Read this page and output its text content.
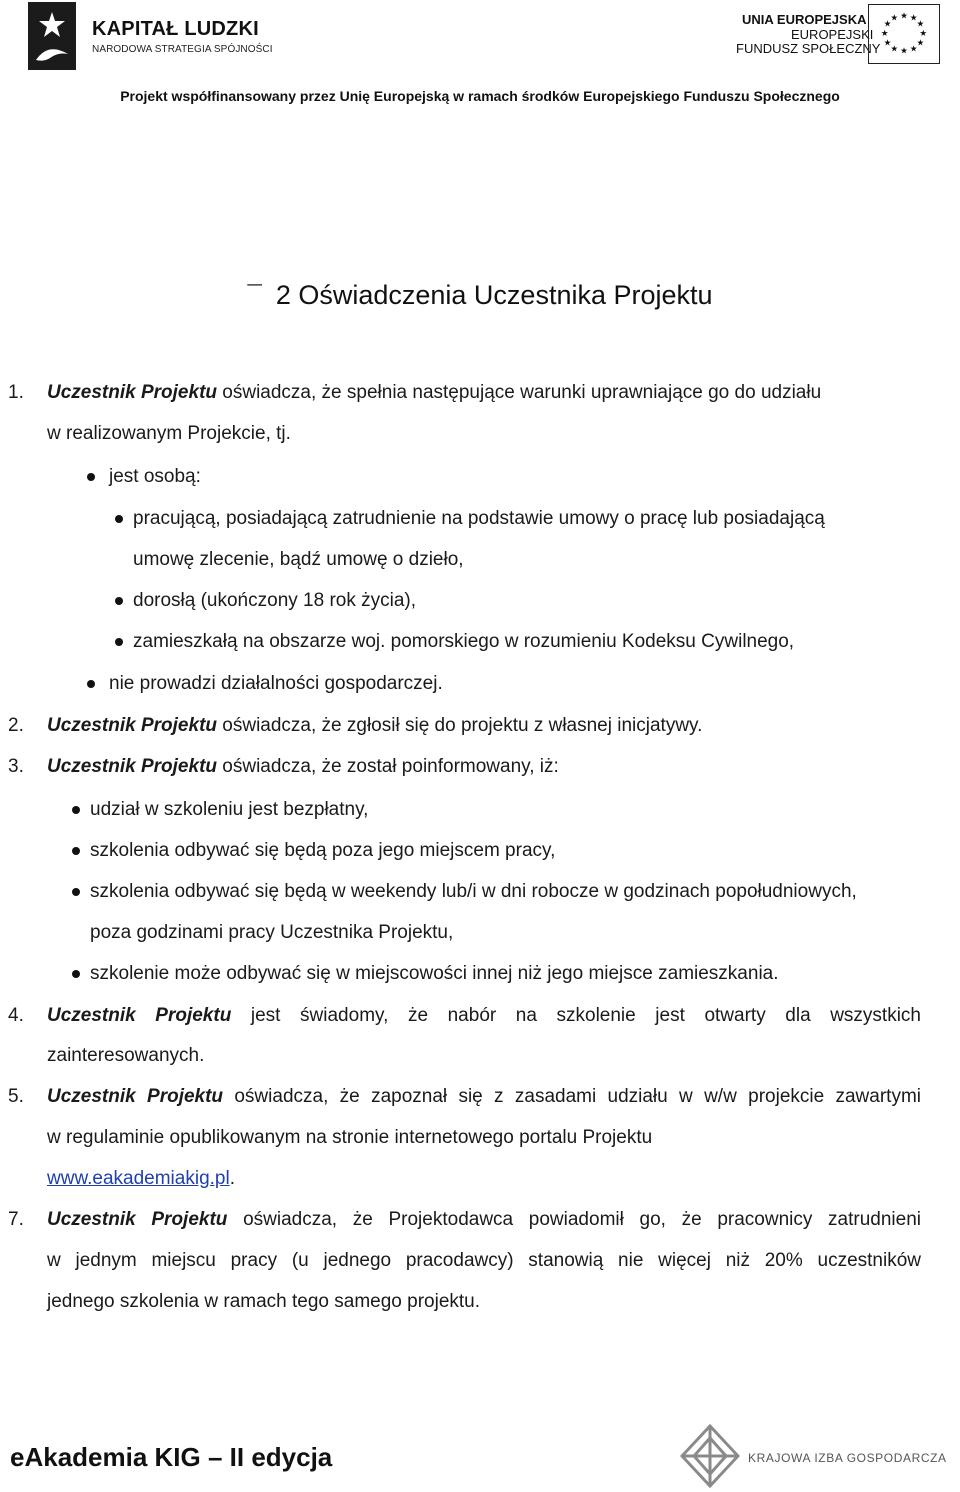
KAPITAŁ LUDZKI
NARODOWA STRATEGIA SPÓJNOŚCI
UNIA EUROPEJSKA
EUROPEJSKI
FUNDUSZ SPOŁECZNY
★ ★
★
★
★
★
★
★
★
★
★
★
Projekt współfinansowany przez Unię Europejską w ramach środków Europejskiego Funduszu Społecznego
¯ 2 Oświadczenia Uczestnika Projektu
1. Uczestnik Projektu oświadcza, że spełnia następujące warunki uprawniające go do udziału
w realizowanym Projekcie, tj.
jest osobą:
pracującą, posiadającą zatrudnienie na podstawie umowy o pracę lub posiadającą
umowę zlecenie, bądź umowę o dzieło,
dorosłą (ukończony 18 rok życia),
zamieszkałą na obszarze woj. pomorskiego w rozumieniu Kodeksu Cywilnego,
nie prowadzi działalności gospodarczej.
2. Uczestnik Projektu oświadcza, że zgłosił się do projektu z własnej inicjatywy.
3. Uczestnik Projektu oświadcza, że został poinformowany, iż:
udział w szkoleniu jest bezpłatny,
szkolenia odbywać się będą poza jego miejscem pracy,
szkolenia odbywać się będą w weekendy lub/i w dni robocze w godzinach popołudniowych,
poza godzinami pracy Uczestnika Projektu,
szkolenie może odbywać się w miejscowości innej niż jego miejsce zamieszkania.
4. Uczestnik Projektu jest świadomy, że nabór na szkolenie jest otwarty dla wszystkich
zainteresowanych.
5. Uczestnik Projektu oświadcza, że zapoznał się z zasadami udziału w w/w projekcie zawartymi
w regulaminie opublikowanym na stronie internetowego portalu Projektu
www.eakademiakig.pl.
7. Uczestnik Projektu oświadcza, że Projektodawca powiadomił go, że pracownicy zatrudnieni
w jednym miejscu pracy (u jednego pracodawcy) stanowią nie więcej niż 20% uczestników
jednego szkolenia w ramach tego samego projektu.
eAkademia KIG – II edycja	KRAJOWA IZBA GOSPODARCZA
